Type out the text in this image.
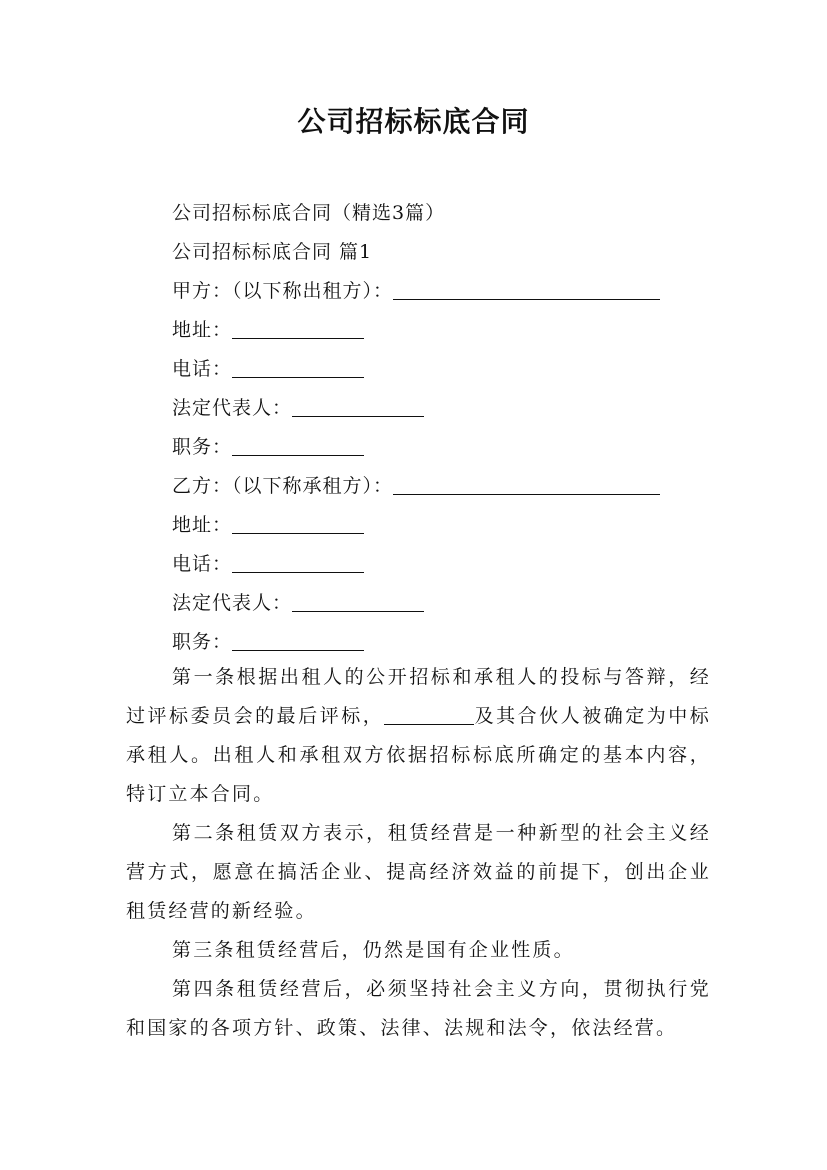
公司招标标底合同
公司招标标底合同（精选3篇）
公司招标标底合同 篇1
甲方：（以下称出租方）：
地址：
电话：
法定代表人：
职务：
乙方：（以下称承租方）：
地址：
电话：
法定代表人：
职务：
第一条根据出租人的公开招标和承租人的投标与答辩，经过评标委员会的最后评标，	及其合伙人被确定为中标承租人。出租人和承租双方依据招标标底所确定的基本内容，特订立本合同。
第二条租赁双方表示，租赁经营是一种新型的社会主义经营方式，愿意在搞活企业、提高经济效益的前提下，创出企业租赁经营的新经验。
第三条租赁经营后，仍然是国有企业性质。
第四条租赁经营后，必须坚持社会主义方向，贯彻执行党和国家的各项方针、政策、法律、法规和法令，依法经营。
